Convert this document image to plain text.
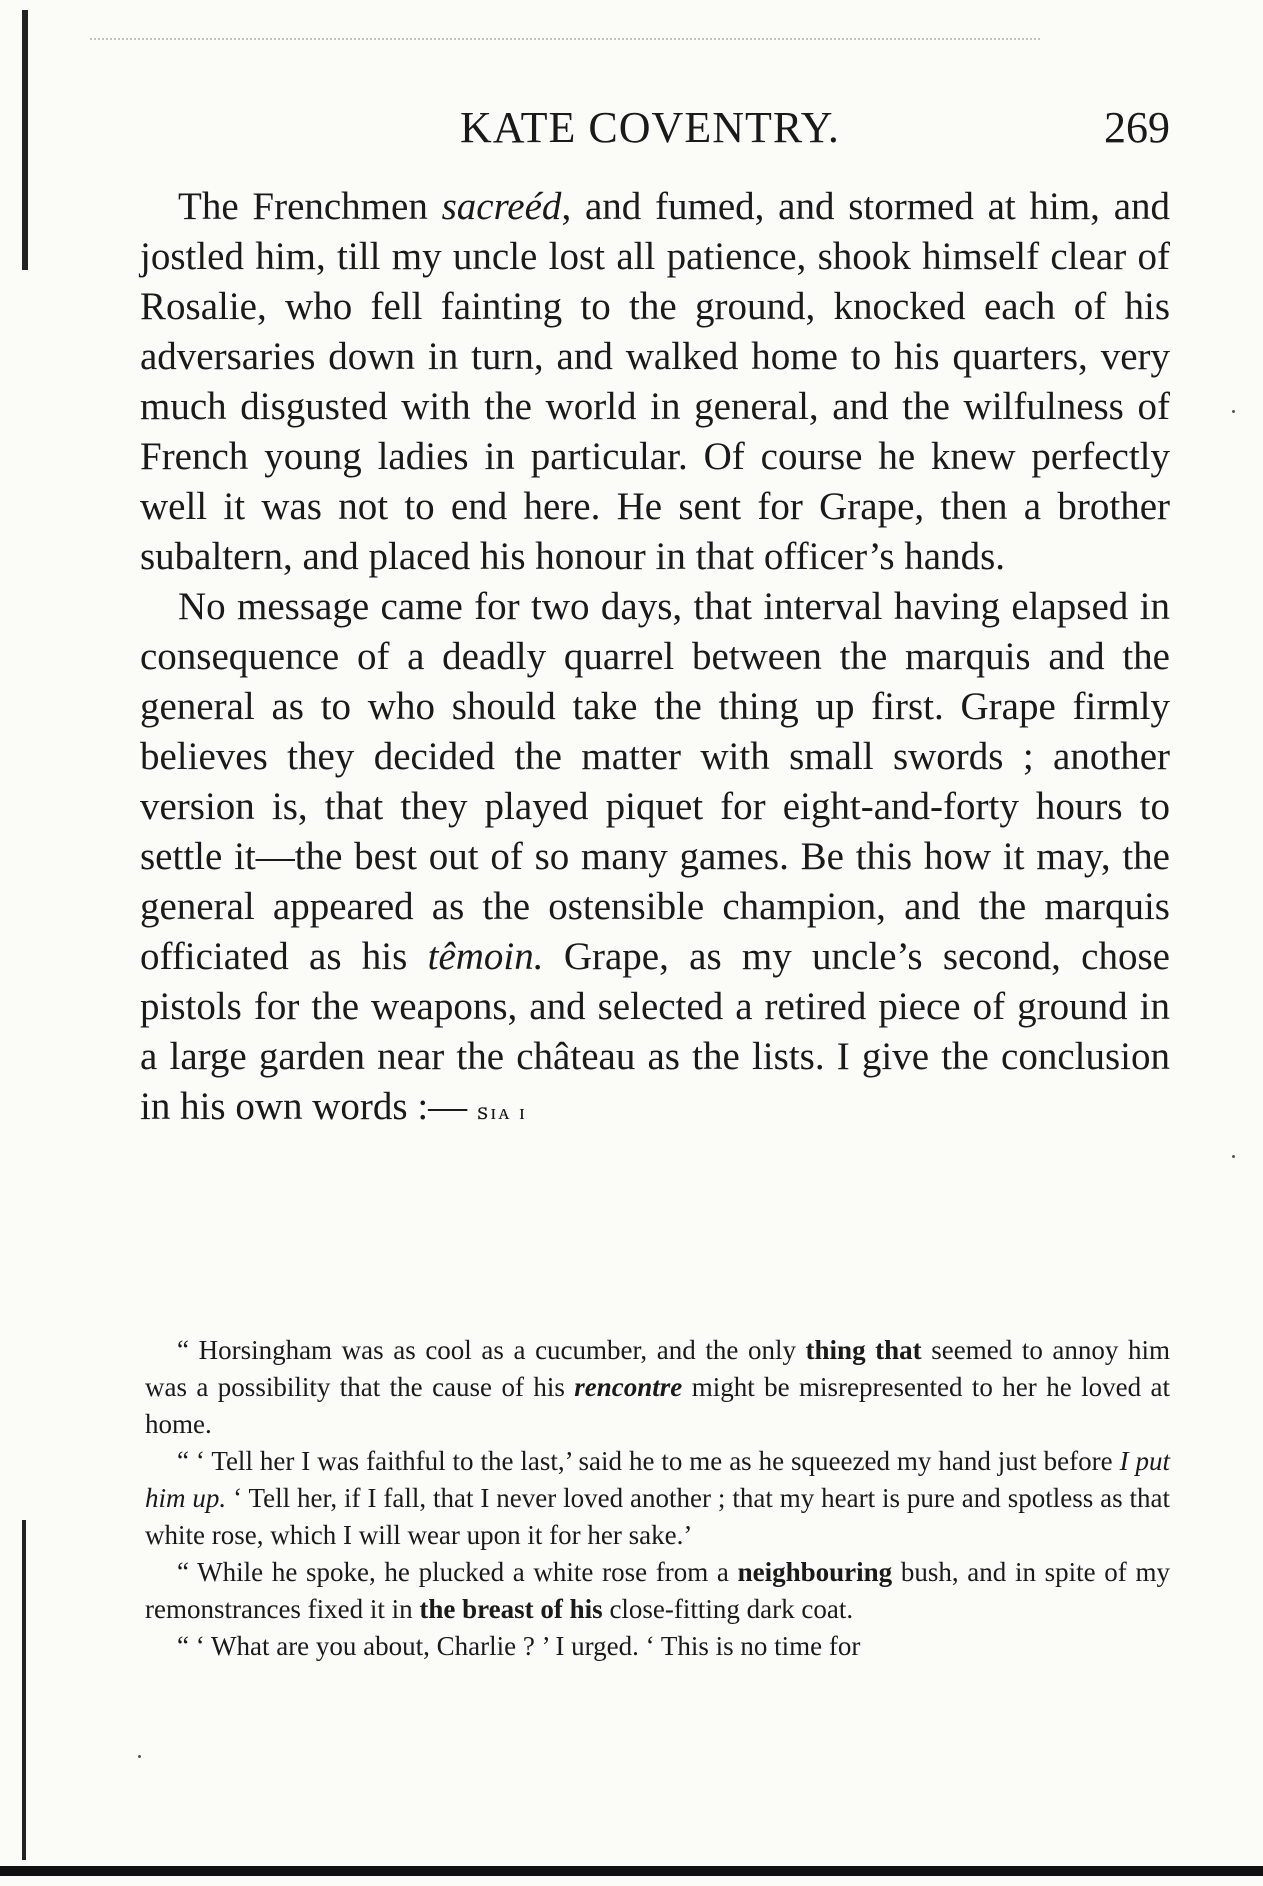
KATE COVENTRY.	269

The Frenchmen sacreéd, and fumed, and stormed at him, and jostled him, till my uncle lost all patience, shook himself clear of Rosalie, who fell fainting to the ground, knocked each of his adversaries down in turn, and walked home to his quarters, very much disgusted with the world in general, and the wilfulness of French young ladies in particular. Of course he knew perfectly well it was not to end here. He sent for Grape, then a brother subaltern, and placed his honour in that officer’s hands.

No message came for two days, that interval having elapsed in consequence of a deadly quarrel between the marquis and the general as to who should take the thing up first. Grape firmly believes they decided the matter with small swords ; another version is, that they played piquet for eight-and-forty hours to settle it—the best out of so many games. Be this how it may, the general appeared as the ostensible champion, and the marquis officiated as his têmoin. Grape, as my uncle’s second, chose pistols for the weapons, and selected a retired piece of ground in a large garden near the château as the lists. I give the conclusion in his own words :— ꜱɪᴀ ɪ

“ Horsingham was as cool as a cucumber, and the only thing that seemed to annoy him was a possibility that the cause of his rencontre might be misrepresented to her he loved at home.

“ ‘ Tell her I was faithful to the last,’ said he to me as he squeezed my hand just before I put him up. ‘ Tell her, if I fall, that I never loved another ; that my heart is pure and spotless as that white rose, which I will wear upon it for her sake.’

“ While he spoke, he plucked a white rose from a neighbouring bush, and in spite of my remonstrances fixed it in the breast of his close-fitting dark coat.

“ ‘ What are you about, Charlie ? ’ I urged. ‘ This is no time for
